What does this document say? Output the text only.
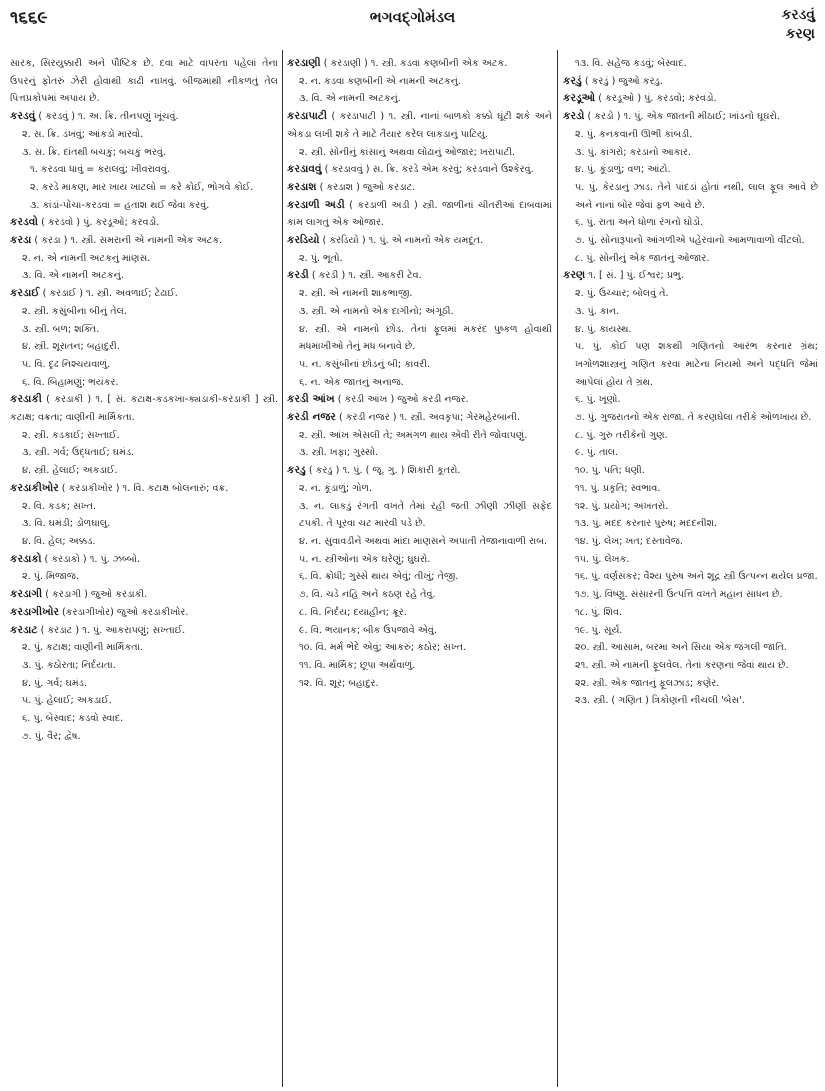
૧૬૬૯	ભગવદ્ગોમંડલ	કરડવું
કરણ
સારક, સિરયુક્કારી અને પૌષ્ટિક છે. દવા માટે વાપરતા પહેલાં તેના ઉપરનું ફોતરું ઝેરી હોવાથી કાઢી નાખવું. બીજમાંથી નીકળતું તેલ પિત્તપ્રકોપમાં અપાય છે.
કરડવું ( કરડવું ) ૧. અ. ક્રિ. તીનપણું ખૂંચવું.
૨. સ. ક્રિ. ડંખવું; આંકડો મારવો.
૩. સ. ક્રિ. દાંતથી બચકું; બચકું ભરવું.
૧. કરડવા ધાવું = કરાલવું; ખીવરાવવું.
૨. કરડે માકણ, માર ખાય ખાટલો = કરે કોઈ, ભોગવે કોઈ.
૩. કાંડાં-પોંચા-કરડવા = હતાશ થઈ જેવા કરવું.
કરડવો ( કરડવો ) પું. કરડૂઓ; કરવડો.
કરડા ( કરડા ) ૧. સ્ત્રી. સમરાની એ નામની એક અટક.
૨. ન. એ નામની અટકનું માણસ.
૩. વિ. એ નામની અટકનું.
કરડાઈ ( કરડાઈ ) ૧. સ્ત્રી. અવળાઈ; ટેઢાઈ.
૨. સ્ત્રી. કસુંબીના બીનું તેલ.
૩. સ્ત્રી. બળ; શક્તિ.
૪. સ્ત્રી. શૂરાતન; બહાદુરી.
૫. વિ. દૃઢ નિશ્ચયવાળું.
૬. વિ. બિહામણું; ભયંકર.
કરડાકી ( કરડાકી ) ૧. [ સં. કટાક્ષ-કડકખા-ક્યડાકી-કરડાકી ] સ્ત્રી. કટાક્ષ; વક્રતા; વાણીની માર્મિકતા.
૨. સ્ત્રી. કડકાઈ; સખ્તાઈ.
૩. સ્ત્રી. ગર્વ; ઉદ્ધતાઈ; ઘમંડ.
૪. સ્ત્રી. હેલાઈ; અકડાઈ.
કરડાકીખોર ( કરડાકીખોર ) ૧. વિ. કટાક્ષ બોલનારું; વક્ર.
૨. વિ. કડક; સખ્ત.
૩. વિ. ઘમંડી; ડોળઘાલુ.
૪. વિ. હેલ; અક્કડ.
કરડાકો ( કરડાકો ) ૧. પું. ઝબ્બો.
૨. પું. મિજાજ.
કરડાગી ( કરડાગી ) જુઓ કરડાકી.
કરડાગીખોર (કરડાગીખોર) જુઓ કરડાકીખોર.
કરડાટ ( કરડાટ ) ૧. પું. આકરાપણું; સખ્તાઈ.
૨. પું. કટાક્ષ; વાણીની માર્મિકતા.
૩. પું. કઠોરતા; નિર્દયતા.
૪. પું. ગર્વ; ઘમંડ.
૫. પું. હેલાઈ; અકડાઈ.
૬. પું. બેસ્વાદ; કડવો સ્વાદ.
૭. પું. વૈર; દ્વેષ.
કરડાણી ( કરડાણી ) ૧. સ્ત્રી. કડવા કણબીની એક અટક.
૨. ન. કડવા કણબીની એ નામની અટકનું.
૩. વિ. એ નામની અટકનું.
કરડાપાટી ( કરડાપાટી ) ૧. સ્ત્રી. નાનાં બાળકો કક્કો ઘૂંટી શકે અને એકડા લખી શકે તે માટે તૈયાર કરેલ લાકડાનું પાટિયું.
૨. સ્ત્રી. સોનીનું કાંસાનું અથવા લોઢાનું ઓજાર; ખરાપાટી.
કરડાવવું ( કરડાવવું ) સ. ક્રિ. કરડે એમ કરવું; કરડવાને ઉશ્કેરવું.
કરડાશ ( કરડાશ ) જુઓ કરડાટ.
કરડાળી અડી ( કરડાળી અડી ) સ્ત્રી. જાળીનાં ચીતરીઆં દાબવામાં કામ લાગતું એક ઓજાર.
કરડિયો ( કરડિયો ) ૧. પું. એ નામનો એક યમદૂત.
૨. પું. ભૂતો.
કરડી ( કરડી ) ૧. સ્ત્રી. આકરી ટેવ.
૨. સ્ત્રી. એ નામની શાકભાજી.
૩. સ્ત્રી. એ નામનો એક દાગીનો; અંગૂઠી.
૪. સ્ત્રી. એ નામનો છોડ. તેનાં ફૂલમાં મકરંદ પુષ્કળ હોવાથી મધમાખીઓ તેનું મધ બનાવે છે.
૫. ન. કસુંબીનાં છોડનું બી; કાવરી.
૬. ન. એક જાતનું અનાજ.
કરડી આંખ ( કરડી આંખ ) જુઓ કરડી નજર.
કરડી નજર ( કરડી નજર ) ૧. સ્ત્રી. અવકૃપા; ગેરમહેરબાની.
૨. સ્ત્રી. આંખ એસલી તે; અમંગળ થાય એવી રીતે જોવાપણું.
૩. સ્ત્રી. ખફા; ગુસ્સો.
કરડુ ( કરડુ ) ૧. પું. ( જૂ. ગુ. ) શિકારી કૂતરો.
૨. ન. કૂંડાળું; ગોળ.
૩. ન. લાકડું રંગતી વખતે તેમાં રહી જતી ઝીણી ઝીણી સફેદ ટપકી. તે પૂરવા ચટ મારવી પડે છે.
૪. ન. સુવાવડીને અથવા માંદા માણસને અપાતી તેજાનાવાળી રાબ.
૫. ન. સ્ત્રીઓના એક ઘરેણું; ઘુઘરો.
૬. વિ. ક્રોધી; ગુસ્સે થાય એવું; તીખું; તેજી.
૭. વિ. ચડે નહિ અને કઠણ રહે તેવું.
૮. વિ. નિર્દય; દયાહીન; ક્રૂર.
૯. વિ. ભયાનક; બીક ઉપજાવે એવું.
૧૦. વિ. મર્મ ભેદે એવું; આકરું; કઠોર; સખ્ત.
૧૧. વિ. માર્મિક; છૂપા અર્થવાળું.
૧૨. વિ. શૂર; બહાદુર.
૧૩. વિ. સહેજ કડવું; બેસ્વાદ.
કરડું ( કરડું ) જુઓ કરડુ.
કરડૂઓ ( કરડૂઓ ) પું. કરડવો; કરવડો.
કરડો ( કરડો ) ૧. પું. એક જાતની મીઠાઈ; ખાંડનો ઘૂઘરો.
૨. પું. કનકવાની ઊભી કાંબડી.
૩. પું. કાંગરો; કરડાનો આકાર.
૪. પું. કૂંડાળું; વળ; આંટો.
૫. પું. કેરડાનું ઝાડ. તેને પાંદડાં હોતાં નથી, લાલ ફૂલ આવે છે અને નાનાં બોર જેવાં ફળ આવે છે.
૬. પું. રાતા અને ધોળા રંગનો ઘોડો.
૭. પું. સોનારૂપાનો આંગળીએ પહેરવાનો આમળાવાળો વીંટલો.
૮. પું. સોનીનું એક જાતનું ઓજાર.
કરણ ૧. [ સં. ] પું. ઈશ્વર; પ્રભુ.
૨. પું. ઉચ્ચાર; બોલવું તે.
૩. પું. કાન.
૪. પું. કાયસ્થ.
૫. પું. કોઈ પણ શકથી ગણિતનો આરંભ કરનાર ગ્રંથ; ખગોળશાસ્ત્રનું ગણિત કરવા માટેના નિયમો અને પદ્ધતિ જેમાં આપેલાં હોય તે ગ્રંથ.
૬. પું. ખૂણો.
૭. પું. ગુજરાતનો એક રાજા. તે કરણઘેલા તરીકે ઓળખાય છે.
૮. પું. ગુરુ તરીકેનો ગુણ.
૯. પું. તાલ.
૧૦. પું. પતિ; ધણી.
૧૧. પું. પ્રકૃતિ; સ્વભાવ.
૧૨. પું. પ્રયોગ; અખતરો.
૧૩. પું. મદદ કરનાર પુરુષ; મદદનીશ.
૧૪. પું. લેખ; ખત; દસ્તાવેજ.
૧૫. પું. લેખક.
૧૬. પું. વર્ણસંકર; વૈશ્ય પુરુષ અને શૂદ્ર સ્ત્રી ઉત્પન્ન થયેલ પ્રજા.
૧૭. પું. વિષ્ણુ. સંસારની ઉત્પત્તિ વખતે મહાન સાધન છે.
૧૮. પું. શિવ.
૧૯. પું. સૂર્ય.
૨૦. સ્ત્રી. આસામ, બરમા અને સિયા એક જંગલી જાતિ.
૨૧. સ્ત્રી. એ નામની ફૂલવેલ. તેનાં કરણનાં જેવાં થાય છે.
૨૨. સ્ત્રી. એક જાતનું ફૂલઝાડ; કણેર.
૨૩. સ્ત્રી. ( ગણિત ) ત્રિકોણની નીચલી 'બેસ'.
